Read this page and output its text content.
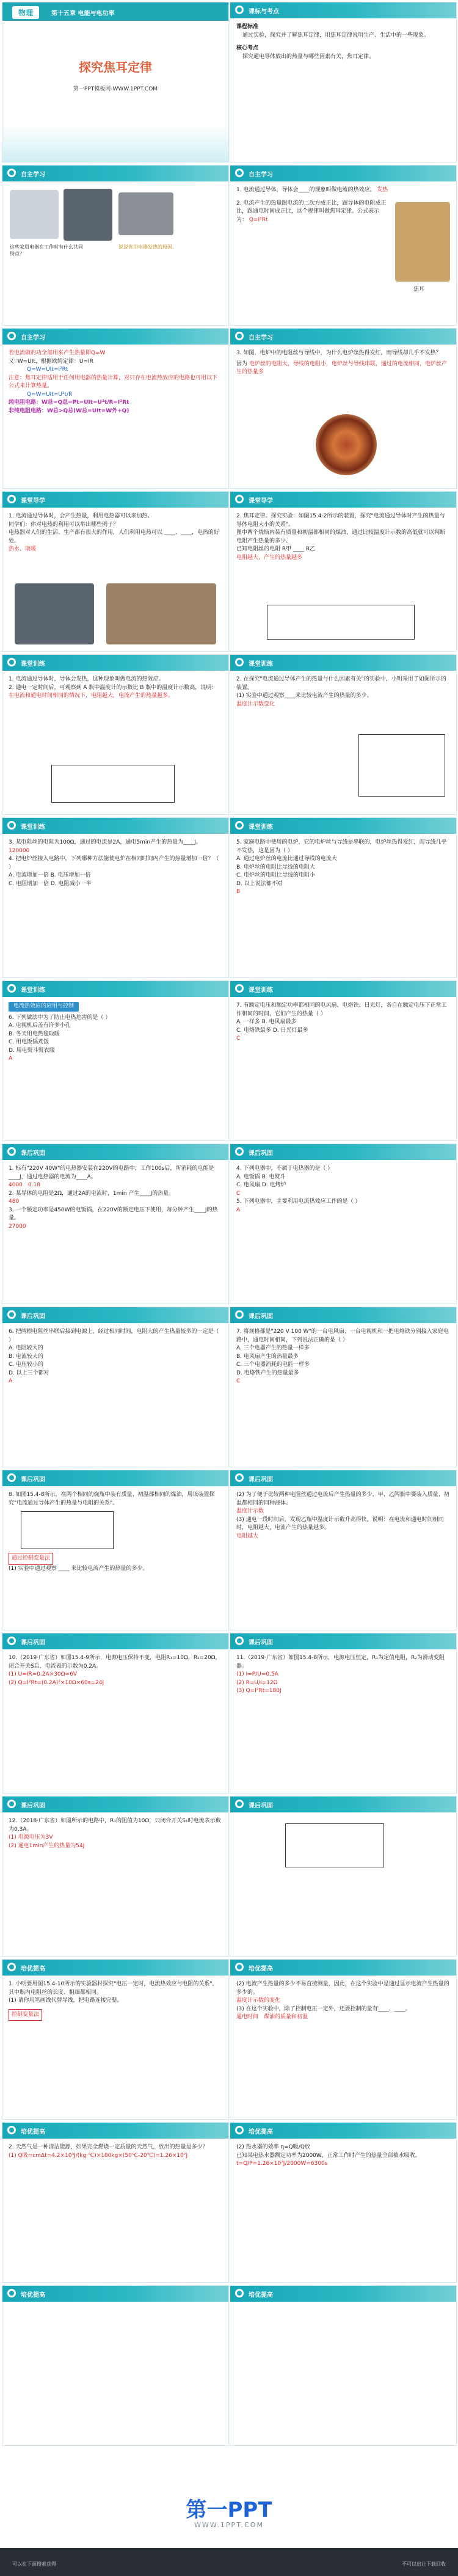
物理	第十五章 电能与电功率
探究焦耳定律
第一PPT模板网-WWW.1PPT.COM
课标与考点
课程标准
通过实验，探究并了解焦耳定律，用焦耳定律说明生产、生活中的一些现象。
核心考点
探究通电导体放出的热量与哪些因素有关，焦耳定律。
自主学习
这些家用电器在工作时有什么共同特点？
说说你用电器发热的原因。
自主学习
1. 电流通过导体，导体会____的现象叫做电流的热效应。 发热
2. 电流产生的热量跟电流的二次方成正比，跟导体的电阻成正比，跟通电时间成正比，这个规律叫做焦耳定律。公式表示为： Q=I²Rt
焦耳
自主学习
若电流做的功全部用来产生热量即Q=W
又∵W=UIt，根据欧姆定律：U=IR
Q=W=UIt=I²Rt
注意：焦耳定律适用于任何用电器的热量计算，对只存在电流热效应的电路也可用以下公式来计算热量。
Q=W=UIt=U²t/R
纯电阻电路：W总=Q总=Pt=UIt=U²t/R=I²Rt
非纯电阻电路：W总>Q总(W总=UIt=W外+Q)
自主学习
3. 如图，电炉中的电阻丝与导线中，为什么电炉丝热得发红，而导线却几乎不发热？
因为 电炉丝的电阻大，导线的电阻小，电炉丝与导线串联，通过的电流相同，电炉丝产生的热量多
课堂导学
1. 电流通过导体时，会产生热量，利用电热器可以来加热。
同学们：你对电热的利用可以举出哪些例子？
电热器对人们的生活、生产都有很大的作用，人们利用电热可以 ____、____，电热的好处。
热水、取暖
课堂导学
2. 焦耳定律。探究实验：如图15.4-2所示的装置，探究"电流通过导体时产生的热量与导体电阻大小的关系"。
图中两个烧瓶内装有质量和初温都相同的煤油，通过比较温度计示数的高低就可以判断电阻产生热量的多少。
已知电阻丝的电阻 R甲 ____ R乙
电阻越大，产生的热量越多
课堂训练
1. 电流通过导体时，导体会发热，这种现象叫做电流的热效应。
2. 通电一定时间后，可观察到 A 瓶中温度计的示数比 B 瓶中的温度计示数高，说明：
在电流和通电时间相同的情况下，电阻越大，电流产生的热量越多。
课堂训练
2. 在探究"电流通过导体产生的热量与什么因素有关"的实验中，小明采用了如图所示的装置。
(1) 实验中通过观察____来比较电流产生的热量的多少。
温度计示数变化
课堂训练
3. 某电阻丝的电阻为100Ω，通过的电流是2A，通电5min产生的热量为____J。
120000
4. 把电炉丝接入电路中，下列哪种方法能使电炉在相同时间内产生的热量增加一倍？（ ）
A. 电流增加一倍 B. 电压增加一倍
C. 电阻增加一倍 D. 电阻减小一半
课堂训练
5. 家庭电路中使用的电炉，它的电炉丝与导线是串联的，电炉丝热得发红，而导线几乎不发热，这是因为（ ）
A. 通过电炉丝的电流比通过导线的电流大
B. 电炉丝的电阻比导线的电阻大
C. 电炉丝的电阻比导线的电阻小
D. 以上说法都不对
B
课堂训练
电流热效应的应用与控制
6. 下列做法中为了防止电热危害的是（ ）
A. 电视机后盖有许多小孔
B. 冬天用电热毯取暖
C. 用电饭锅煮饭
D. 用电熨斗熨衣服
A
课堂训练
7. 有额定电压和额定功率都相同的电风扇、电烙铁、日光灯，各自在额定电压下正常工作相同的时间，它们产生的热量（ ）
A. 一样多 B. 电风扇最多
C. 电烙铁最多 D. 日光灯最多
C
课后巩固
1. 标有"220V 40W"的电热器安装在220V的电路中，工作100s后，所消耗的电能是____J，通过电热器的电流为____A。
4000　 0.18
2. 某导体的电阻是2Ω，通过2A的电流时，1min 产生____J的热量。
480
3. 一个额定功率是450W的电饭锅，在220V的额定电压下使用，每分钟产生____J的热量。
27000
课后巩固
4. 下列电器中，不属于电热器的是（ ）
A. 电饭锅 B. 电熨斗
C. 电风扇 D. 电烤炉
C
5. 下列电器中，主要利用电流热效应工作的是（ ）
A
课后巩固
6. 把两根电阻丝串联后接到电源上，经过相同时间，电阻大的产生热量较多的一定是（ ）
A. 电阻较大的
B. 电流较大的
C. 电压较小的
D. 以上三个都对
A
课后巩固
7. 将规格都是"220 V 100 W"的一台电风扇、一台电视机和一把电烙铁分别接入家庭电路中，通电时间相同，下列说法正确的是（ ）
A. 三个电器产生的热量一样多
B. 电风扇产生的热量最多
C. 三个电器消耗的电能一样多
D. 电烙铁产生的热量最多
C
课后巩固
8. 如图15.4-8所示，在两个相同的烧瓶中装有质量、初温都相同的煤油，用该装置探究"电流通过导体产生的热量与电阻的关系"。
通过控制变量法
(1) 实验中通过观察 ____ 来比较电流产生的热量的多少。
课后巩固
(2) 为了便于比较两种电阻丝通过电流后产生热量的多少，甲、乙两瓶中要装入质量、初温都相同的同种液体。
温度计示数
(3) 通电一段时间后，发现乙瓶中温度计示数升高得快，说明：在电流和通电时间相同时，电阻越大，电流产生的热量越多。
电阻越大
课后巩固
10.（2019·广东省）如图15.4-9所示，电源电压保持不变，电阻R₁=10Ω，R₂=20Ω，闭合开关S后，电流表的示数为0.2A。
(1) U=IR=0.2A×30Ω=6V
(2) Q=I²Rt=(0.2A)²×10Ω×60s=24J
课后巩固
11.（2019·广东省）如图15.4-8所示，电源电压恒定，R₁为定值电阻，R₂为滑动变阻器。
(1) I=P/U=0.5A
(2) R=U/I=12Ω
(3) Q=I²Rt=180J
课后巩固
12.（2018·广东省）如图所示的电路中，R₁的阻值为10Ω，只闭合开关S₁时电流表示数为0.3A。
(1) 电源电压为3V
(2) 通电1min产生的热量为54J
课后巩固
培优提高
1. 小明要用图15.4-10所示的实验器材探究"电压一定时，电流热效应与电阻的关系"，其中瓶内电阻丝的长度、粗细都相同。
(1) 请你用笔画线代替导线，把电路连接完整。
控制变量法
培优提高
(2) 电流产生热量的多少不易直接测量，因此，在这个实验中是通过显示电流产生热量的多少的。
温度计示数的变化
(3) 在这个实验中，除了控制电压一定外，还要控制的量有____、____。
通电时间　 煤油的质量和初温
培优提高
2. 天然气是一种清洁能源，如果完全燃烧一定质量的天然气，放出的热量是多少？
(1) Q吸=cmΔt=4.2×10³J/(kg·℃)×100kg×(50℃-20℃)=1.26×10⁷J
培优提高
(2) 热水器的效率 η=Q吸/Q放
已知某电热水器额定功率为2000W，正常工作时产生的热量全部被水吸收。
t=Q/P=1.26×10⁷J/2000W=6300s
培优提高	培优提高
第一PPT
WWW.1PPT.COM
可以在下面搜索获得	不可以出让下载回收
